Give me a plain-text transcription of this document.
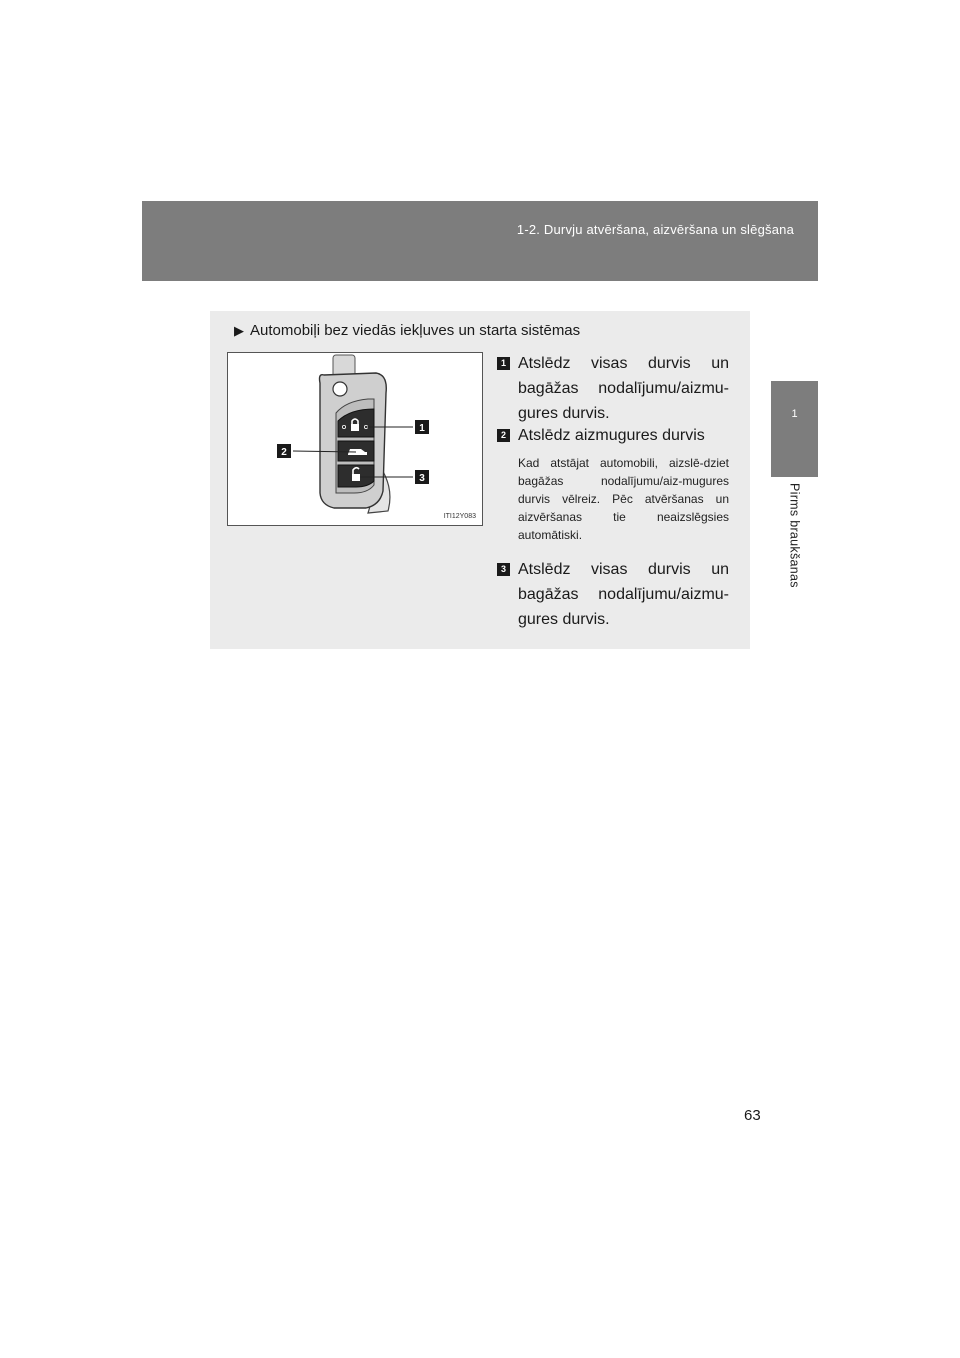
1-2. Durvju atvēršana, aizvēršana un slēgšana
1
Pirms braukšanas
▶ Automobiļi bez viedās iekļuves un starta sistēmas
1
2
3
ITI12Y083
1 Atslēdz visas durvis un bagāžas nodalījumu/aizmu-gures durvis.
2 Atslēdz aizmugures durvis
Kad atstājat automobili, aizslē-dziet bagāžas nodalījumu/aiz-mugures durvis vēlreiz. Pēc atvēršanas un aizvēršanas tie neaizslēgsies automātiski.
3 Atslēdz visas durvis un bagāžas nodalījumu/aizmu-gures durvis.
63
